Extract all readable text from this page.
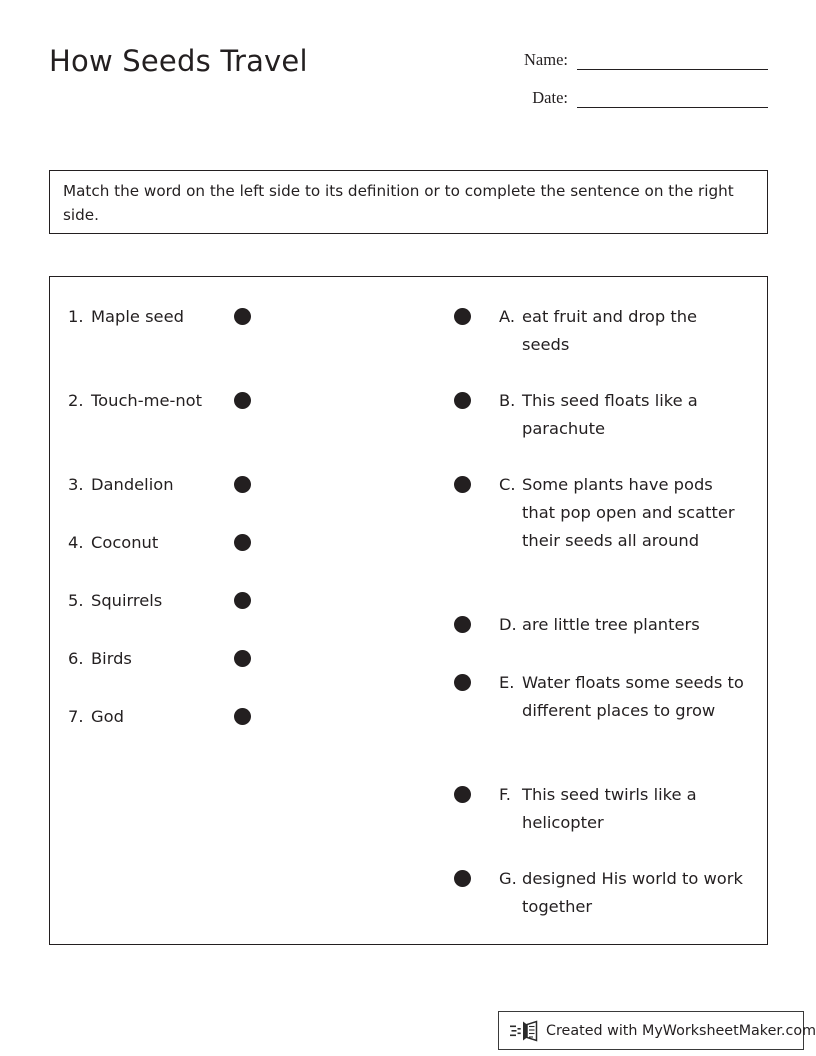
How Seeds Travel	Name:
Date:
Match the word on the left side to its definition or to complete the sentence on the right side.
1. Maple seed
2. Touch-me-not
3. Dandelion
4. Coconut
5. Squirrels
6. Birds
7. God
A. eat fruit and drop the seeds
B. This seed floats like a parachute
C. Some plants have pods that pop open and scatter their seeds all around
D. are little tree planters
E. Water floats some seeds to different places to grow
F. This seed twirls like a helicopter
G. designed His world to work together
Created with MyWorksheetMaker.com
